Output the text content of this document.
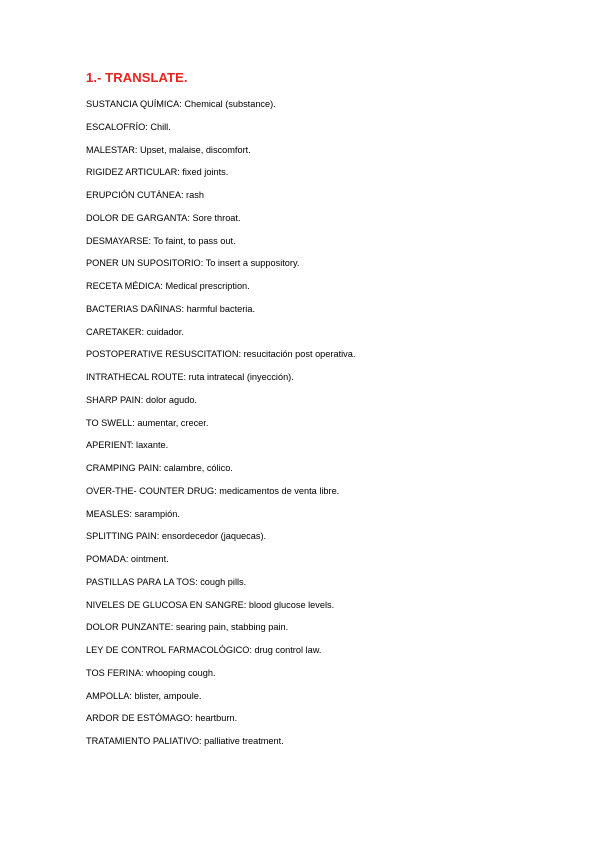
1.- TRANSLATE.
SUSTANCIA QUÍMICA: Chemical (substance).
ESCALOFRÍO: Chill.
MALESTAR: Upset, malaise, discomfort.
RIGIDEZ ARTICULAR: fixed joints.
ERUPCIÓN CUTÁNEA: rash
DOLOR DE GARGANTA: Sore throat.
DESMAYARSE: To faint, to pass out.
PONER UN SUPOSITORIO: To insert a suppository.
RECETA MÉDICA: Medical prescription.
BACTERIAS DAÑINAS: harmful bacteria.
CARETAKER: cuidador.
POSTOPERATIVE RESUSCITATION: resucitación post operativa.
INTRATHECAL ROUTE: ruta intratecal (inyección).
SHARP PAIN: dolor agudo.
TO SWELL: aumentar, crecer.
APERIENT: laxante.
CRAMPING PAIN: calambre, cólico.
OVER-THE- COUNTER DRUG: medicamentos de venta libre.
MEASLES: sarampión.
SPLITTING PAIN: ensordecedor (jaquecas).
POMADA: ointment.
PASTILLAS PARA LA TOS: cough pills.
NIVELES DE GLUCOSA EN SANGRE: blood glucose levels.
DOLOR PUNZANTE: searing pain, stabbing pain.
LEY DE CONTROL FARMACOLÓGICO: drug control law.
TOS FERINA: whooping cough.
AMPOLLA: blister, ampoule.
ARDOR DE ESTÓMAGO: heartburn.
TRATAMIENTO PALIATIVO: palliative treatment.
